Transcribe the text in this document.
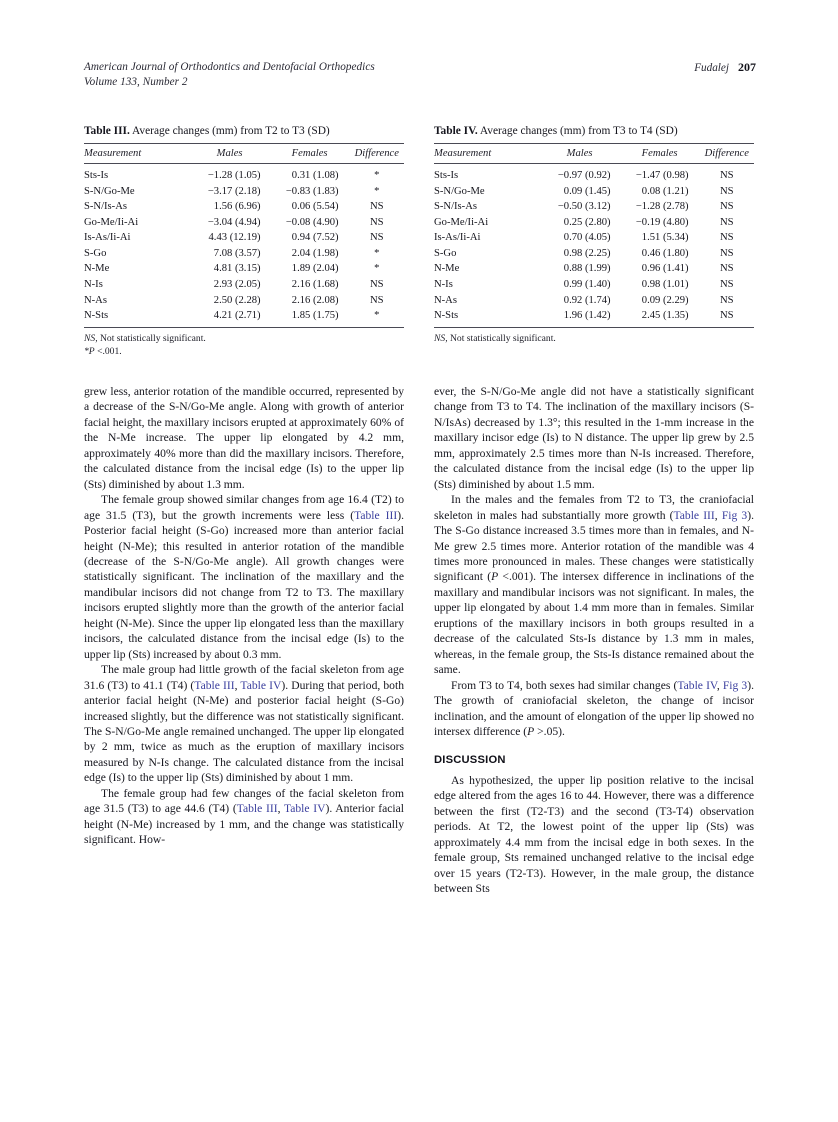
American Journal of Orthodontics and Dentofacial Orthopedics
Volume 133, Number 2
Fudalej 207
Table III. Average changes (mm) from T2 to T3 (SD)
Measurement	Males	Females	Difference
Sts-Is	−1.28 (1.05)	0.31 (1.08)	*
S-N/Go-Me	−3.17 (2.18)	−0.83 (1.83)	*
S-N/Is-As	1.56 (6.96)	0.06 (5.54)	NS
Go-Me/Ii-Ai	−3.04 (4.94)	−0.08 (4.90)	NS
Is-As/Ii-Ai	4.43 (12.19)	0.94 (7.52)	NS
S-Go	7.08 (3.57)	2.04 (1.98)	*
N-Me	4.81 (3.15)	1.89 (2.04)	*
N-Is	2.93 (2.05)	2.16 (1.68)	NS
N-As	2.50 (2.28)	2.16 (2.08)	NS
N-Sts	4.21 (2.71)	1.85 (1.75)	*
NS, Not statistically significant.
*P <.001.
Table IV. Average changes (mm) from T3 to T4 (SD)
Measurement	Males	Females	Difference
Sts-Is	−0.97 (0.92)	−1.47 (0.98)	NS
S-N/Go-Me	0.09 (1.45)	0.08 (1.21)	NS
S-N/Is-As	−0.50 (3.12)	−1.28 (2.78)	NS
Go-Me/Ii-Ai	0.25 (2.80)	−0.19 (4.80)	NS
Is-As/Ii-Ai	0.70 (4.05)	1.51 (5.34)	NS
S-Go	0.98 (2.25)	0.46 (1.80)	NS
N-Me	0.88 (1.99)	0.96 (1.41)	NS
N-Is	0.99 (1.40)	0.98 (1.01)	NS
N-As	0.92 (1.74)	0.09 (2.29)	NS
N-Sts	1.96 (1.42)	2.45 (1.35)	NS
NS, Not statistically significant.

grew less, anterior rotation of the mandible occurred, represented by a decrease of the S-N/Go-Me angle. Along with growth of anterior facial height, the maxillary incisors erupted at approximately 60% of the N-Me increase. The upper lip elongated by 4.2 mm, approximately 40% more than did the maxillary incisors. Therefore, the calculated distance from the incisal edge (Is) to the upper lip (Sts) diminished by about 1.3 mm.

The female group showed similar changes from age 16.4 (T2) to age 31.5 (T3), but the growth increments were less (Table III). Posterior facial height (S-Go) increased more than anterior facial height (N-Me); this resulted in anterior rotation of the mandible (decrease of the S-N/Go-Me angle). All growth changes were statistically significant. The inclination of the maxillary and the mandibular incisors did not change from T2 to T3. The maxillary incisors erupted slightly more than the growth of the anterior facial height (N-Me). Since the upper lip elongated less than the maxillary incisors, the calculated distance from the incisal edge (Is) to the upper lip (Sts) increased by about 0.3 mm.

The male group had little growth of the facial skeleton from age 31.6 (T3) to 41.1 (T4) (Table III, Table IV). During that period, both anterior facial height (N-Me) and posterior facial height (S-Go) increased slightly, but the difference was not statistically significant. The S-N/Go-Me angle remained unchanged. The upper lip elongated by 2 mm, twice as much as the eruption of maxillary incisors measured by N-Is change. The calculated distance from the incisal edge (Is) to the upper lip (Sts) diminished by about 1 mm.

The female group had few changes of the facial skeleton from age 31.5 (T3) to age 44.6 (T4) (Table III, Table IV). Anterior facial height (N-Me) increased by 1 mm, and the change was statistically significant. How-

ever, the S-N/Go-Me angle did not have a statistically significant change from T3 to T4. The inclination of the maxillary incisors (S-N/IsAs) decreased by 1.3°; this resulted in the 1-mm increase in the maxillary incisor edge (Is) to N distance. The upper lip grew by 2.5 mm, approximately 2.5 times more than N-Is increased. Therefore, the calculated distance from the incisal edge (Is) to the upper lip (Sts) diminished by about 1.5 mm.

In the males and the females from T2 to T3, the craniofacial skeleton in males had substantially more growth (Table III, Fig 3). The S-Go distance increased 3.5 times more than in females, and N-Me grew 2.5 times more. Anterior rotation of the mandible was 4 times more pronounced in males. These changes were statistically significant (P <.001). The intersex difference in inclinations of the maxillary and mandibular incisors was not significant. In males, the upper lip elongated by about 1.4 mm more than in females. Similar eruptions of the maxillary incisors in both groups resulted in a decrease of the calculated Sts-Is distance by 1.3 mm in males, whereas, in the female group, the Sts-Is distance remained about the same.

From T3 to T4, both sexes had similar changes (Table IV, Fig 3). The growth of craniofacial skeleton, the change of incisor inclination, and the amount of elongation of the upper lip showed no intersex difference (P >.05).

DISCUSSION

As hypothesized, the upper lip position relative to the incisal edge altered from the ages 16 to 44. However, there was a difference between the first (T2-T3) and the second (T3-T4) observation periods. At T2, the lowest point of the upper lip (Sts) was approximately 4.4 mm from the incisal edge in both sexes. In the female group, Sts remained unchanged relative to the incisal edge over 15 years (T2-T3). However, in the male group, the distance between Sts
